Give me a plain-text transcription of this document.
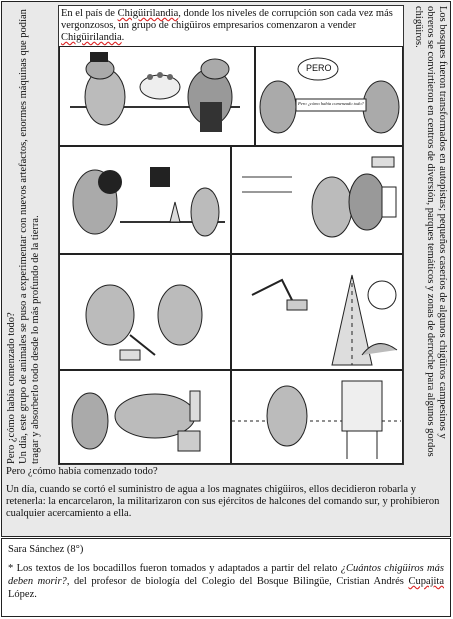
Pero ¿cómo había comenzado todo? Un día, este grupo de animales se puso a experimentar con nuevos artefactos, enormes máquinas que podían tragar y absorberlo todo desde lo más profundo de la tierra.
En el país de Chigüirilandia, donde los niveles de corrupción son cada vez más vergonzosos, un grupo de chigüiros empresarios comenzaron a vender Chigüirilandia.
PERO
Pero ¿cómo había comenzado todo?	Los bosques fueron transformados en autopistas; pequeños caseríos de algunos chigüiros campesinos y obreros se convirtieron en centros de diversión, parques temáticos y zonas de derroche para algunos gordos chigüiros.

Pero ¿cómo había comenzado todo?

Un día, cuando se cortó el suministro de agua a los magnates chigüiros, ellos decidieron robarla y retenerla: la encarcelaron, la militarizaron con sus ejércitos de halcones del comando sur, y prohibieron cualquier acercamiento a ella.

Sara Sánchez (8°)

* Los textos de los bocadillos fueron tomados y adaptados a partir del relato ¿Cuántos chigüiros más deben morir?, del profesor de biología del Colegio del Bosque Bilingüe, Cristian Andrés Cupajita López.
